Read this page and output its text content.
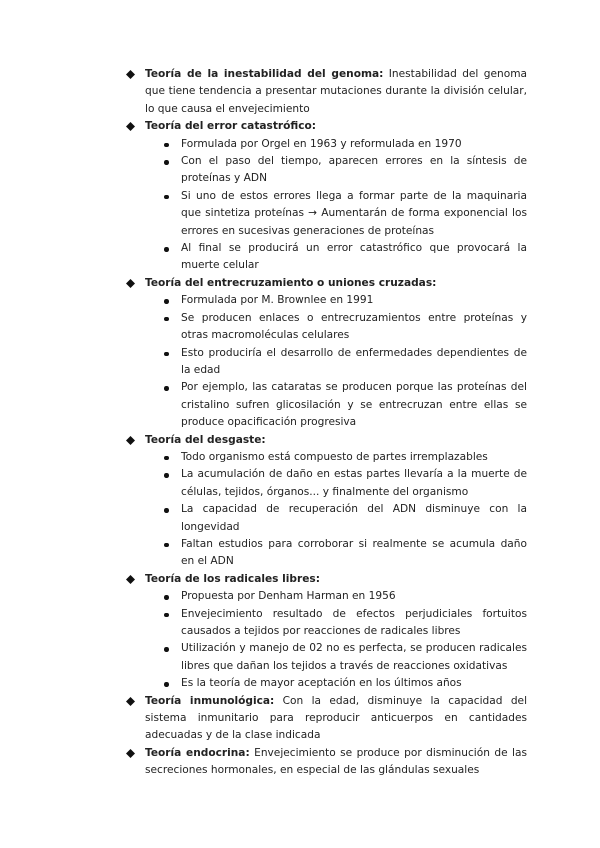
Teoría de la inestabilidad del genoma: Inestabilidad del genoma que tiene tendencia a presentar mutaciones durante la división celular, lo que causa el envejecimiento
Teoría del error catastrófico:
Formulada por Orgel en 1963 y reformulada en 1970
Con el paso del tiempo, aparecen errores en la síntesis de proteínas y ADN
Si uno de estos errores llega a formar parte de la maquinaria que sintetiza proteínas → Aumentarán de forma exponencial los errores en sucesivas generaciones de proteínas
Al final se producirá un error catastrófico que provocará la muerte celular
Teoría del entrecruzamiento o uniones cruzadas:
Formulada por M. Brownlee en 1991
Se producen enlaces o entrecruzamientos entre proteínas y otras macromoléculas celulares
Esto produciría el desarrollo de enfermedades dependientes de la edad
Por ejemplo, las cataratas se producen porque las proteínas del cristalino sufren glicosilación y se entrecruzan entre ellas se produce opacificación progresiva
Teoría del desgaste:
Todo organismo está compuesto de partes irremplazables
La acumulación de daño en estas partes llevaría a la muerte de células, tejidos, órganos... y finalmente del organismo
La capacidad de recuperación del ADN disminuye con la longevidad
Faltan estudios para corroborar si realmente se acumula daño en el ADN
Teoría de los radicales libres:
Propuesta por Denham Harman en 1956
Envejecimiento resultado de efectos perjudiciales fortuitos causados a tejidos por reacciones de radicales libres
Utilización y manejo de 02 no es perfecta, se producen radicales libres que dañan los tejidos a través de reacciones oxidativas
Es la teoría de mayor aceptación en los últimos años
Teoría inmunológica: Con la edad, disminuye la capacidad del sistema inmunitario para reproducir anticuerpos en cantidades adecuadas y de la clase indicada
Teoría endocrina: Envejecimiento se produce por disminución de las secreciones hormonales, en especial de las glándulas sexuales
